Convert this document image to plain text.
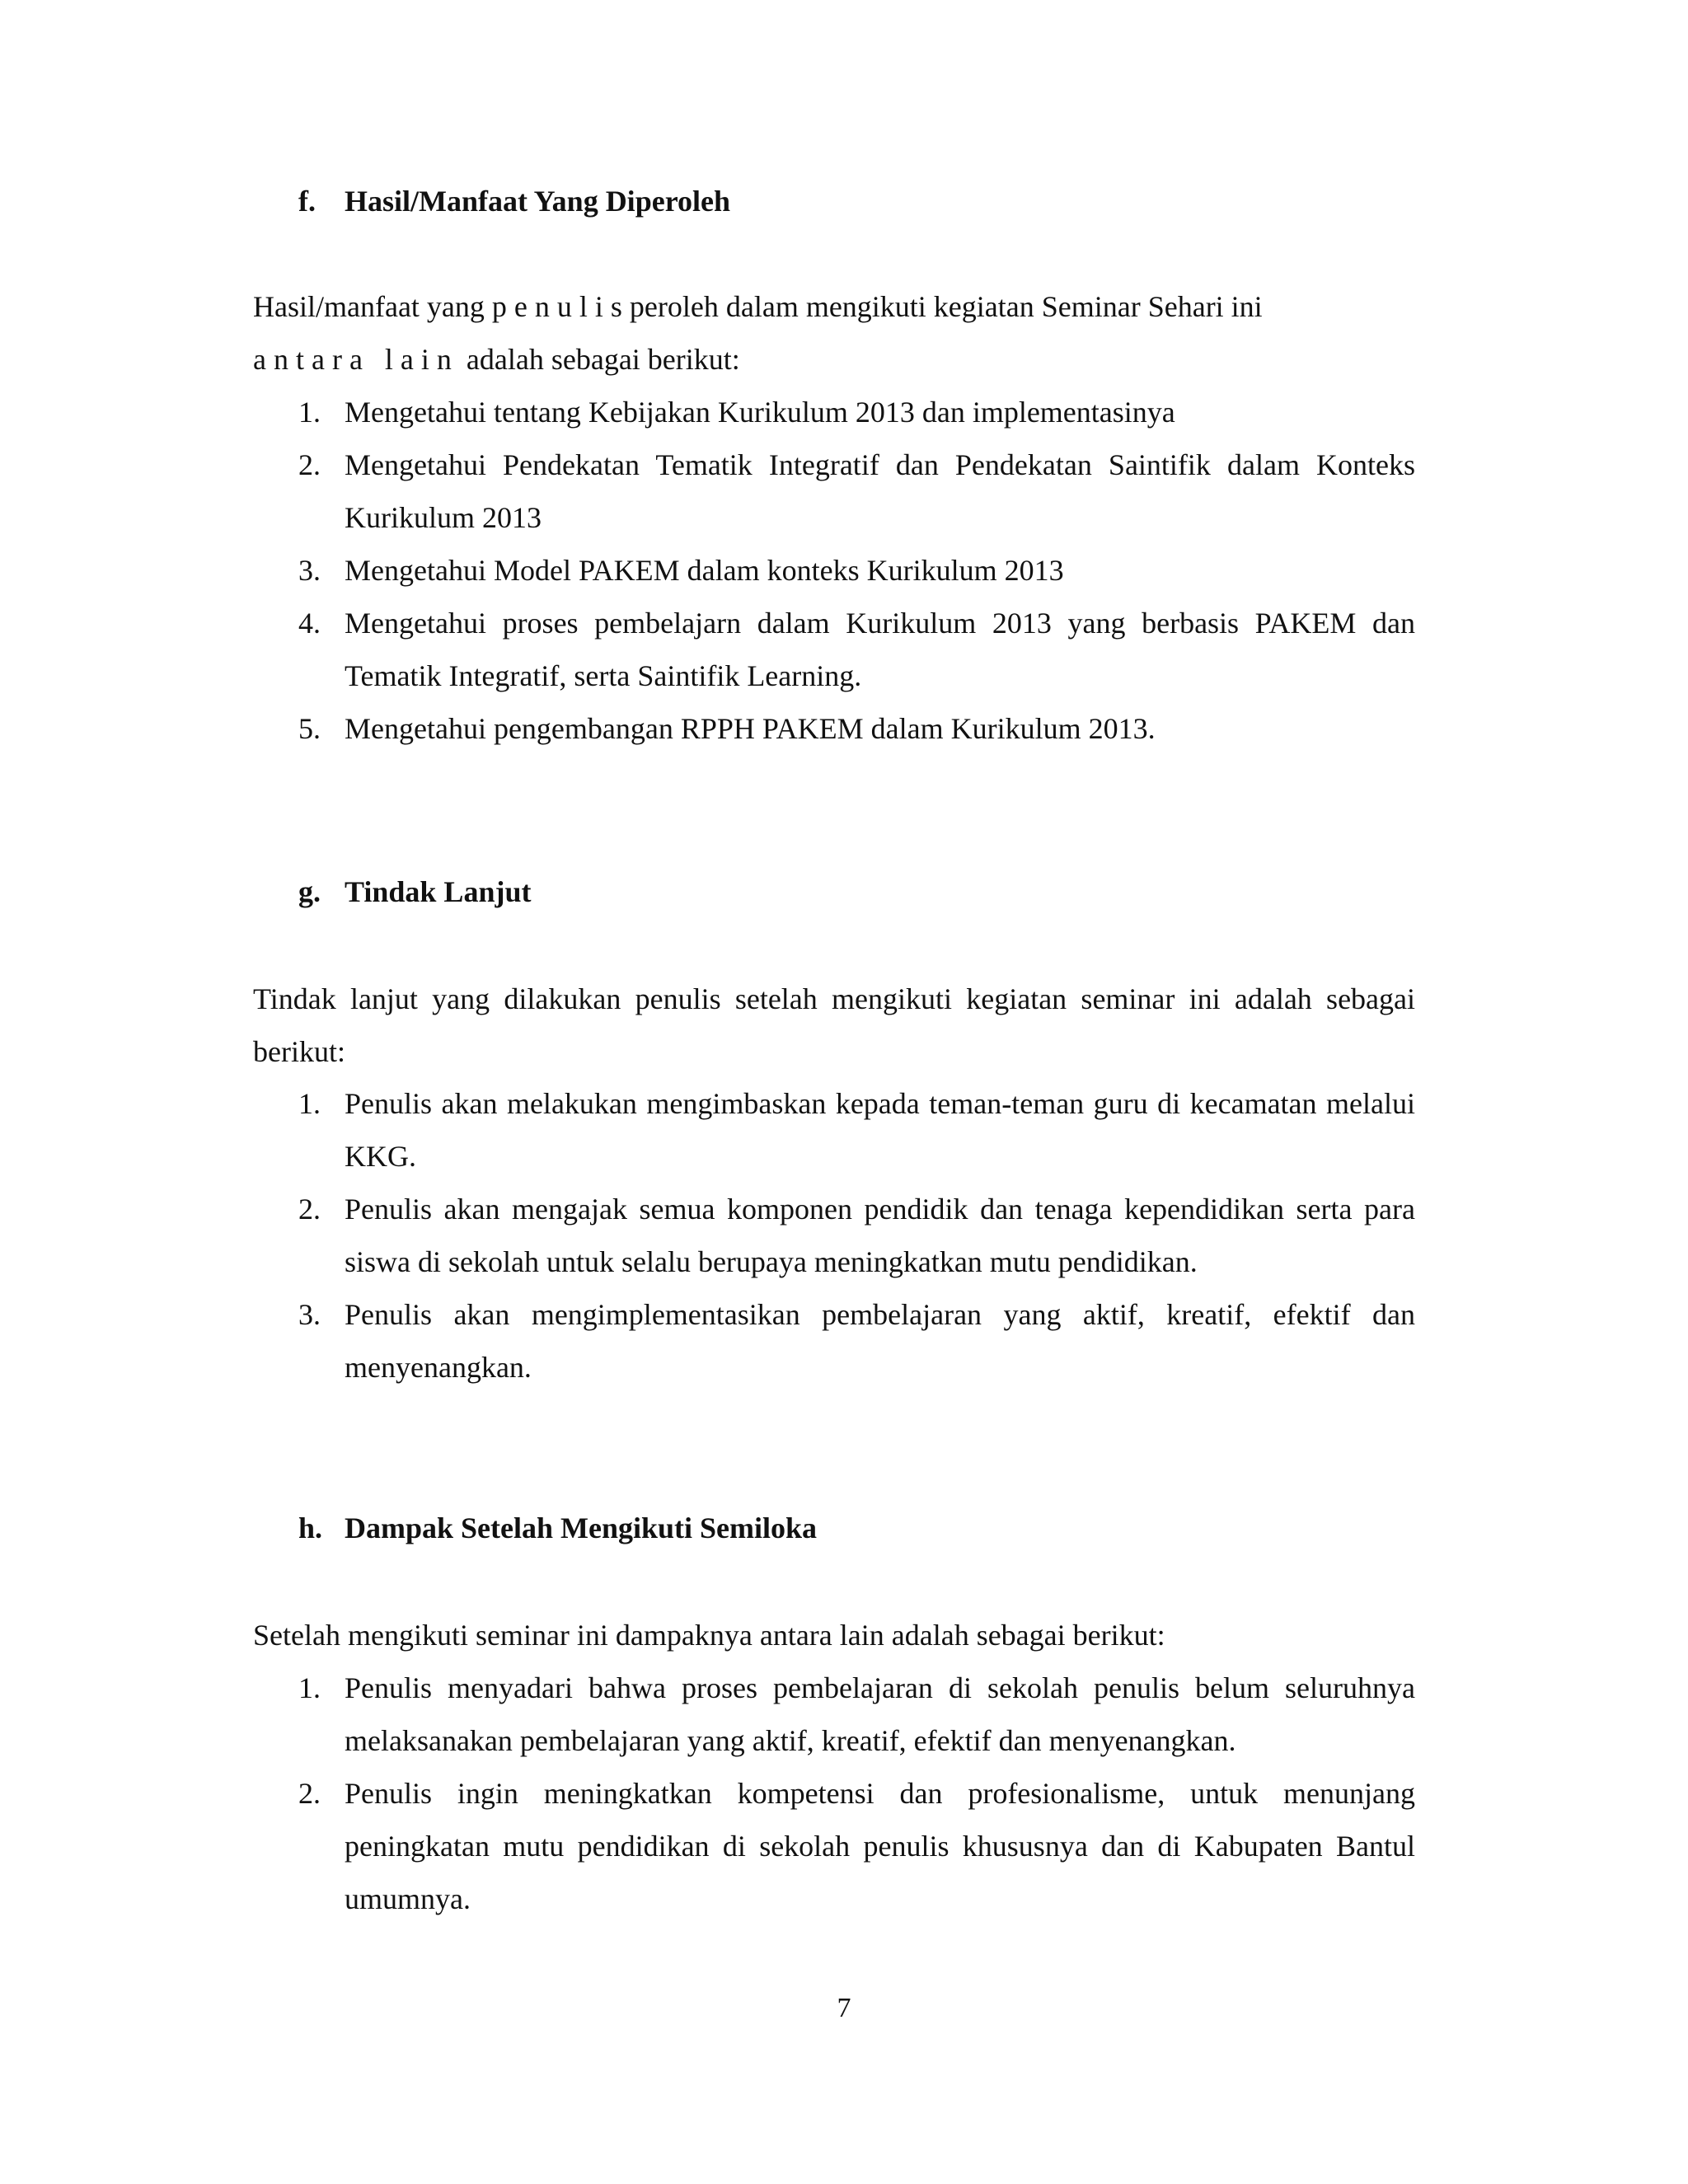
f. Hasil/Manfaat Yang Diperoleh
Hasil/manfaat yang penulisperoleh dalam mengikuti kegiatan Seminar Sehari ini
antara lain adalah sebagai berikut:
1. Mengetahui tentang Kebijakan Kurikulum 2013 dan implementasinya
2. Mengetahui Pendekatan Tematik Integratif dan Pendekatan Saintifik dalam Konteks Kurikulum 2013
3. Mengetahui Model PAKEM dalam konteks Kurikulum 2013
4. Mengetahui proses pembelajarn dalam Kurikulum 2013 yang berbasis PAKEM dan Tematik Integratif, serta Saintifik Learning.
5. Mengetahui pengembangan RPPH PAKEM dalam Kurikulum 2013.
g. Tindak Lanjut
Tindak lanjut yang dilakukan penulis setelah mengikuti kegiatan seminar ini adalah sebagai berikut:
1. Penulis akan melakukan mengimbaskan kepada teman-teman guru di kecamatan melalui KKG.
2. Penulis akan mengajak semua komponen pendidik dan tenaga kependidikan serta para siswa di sekolah untuk selalu berupaya meningkatkan mutu pendidikan.
3. Penulis akan mengimplementasikan pembelajaran yang aktif, kreatif, efektif dan menyenangkan.
h. Dampak Setelah Mengikuti Semiloka
Setelah mengikuti seminar ini dampaknya antara lain adalah sebagai berikut:
1. Penulis menyadari bahwa proses pembelajaran di sekolah penulis belum seluruhnya melaksanakan pembelajaran yang aktif, kreatif, efektif dan menyenangkan.
2. Penulis ingin meningkatkan kompetensi dan profesionalisme, untuk menunjang peningkatan mutu pendidikan di sekolah penulis khususnya dan di Kabupaten Bantul umumnya.
7
